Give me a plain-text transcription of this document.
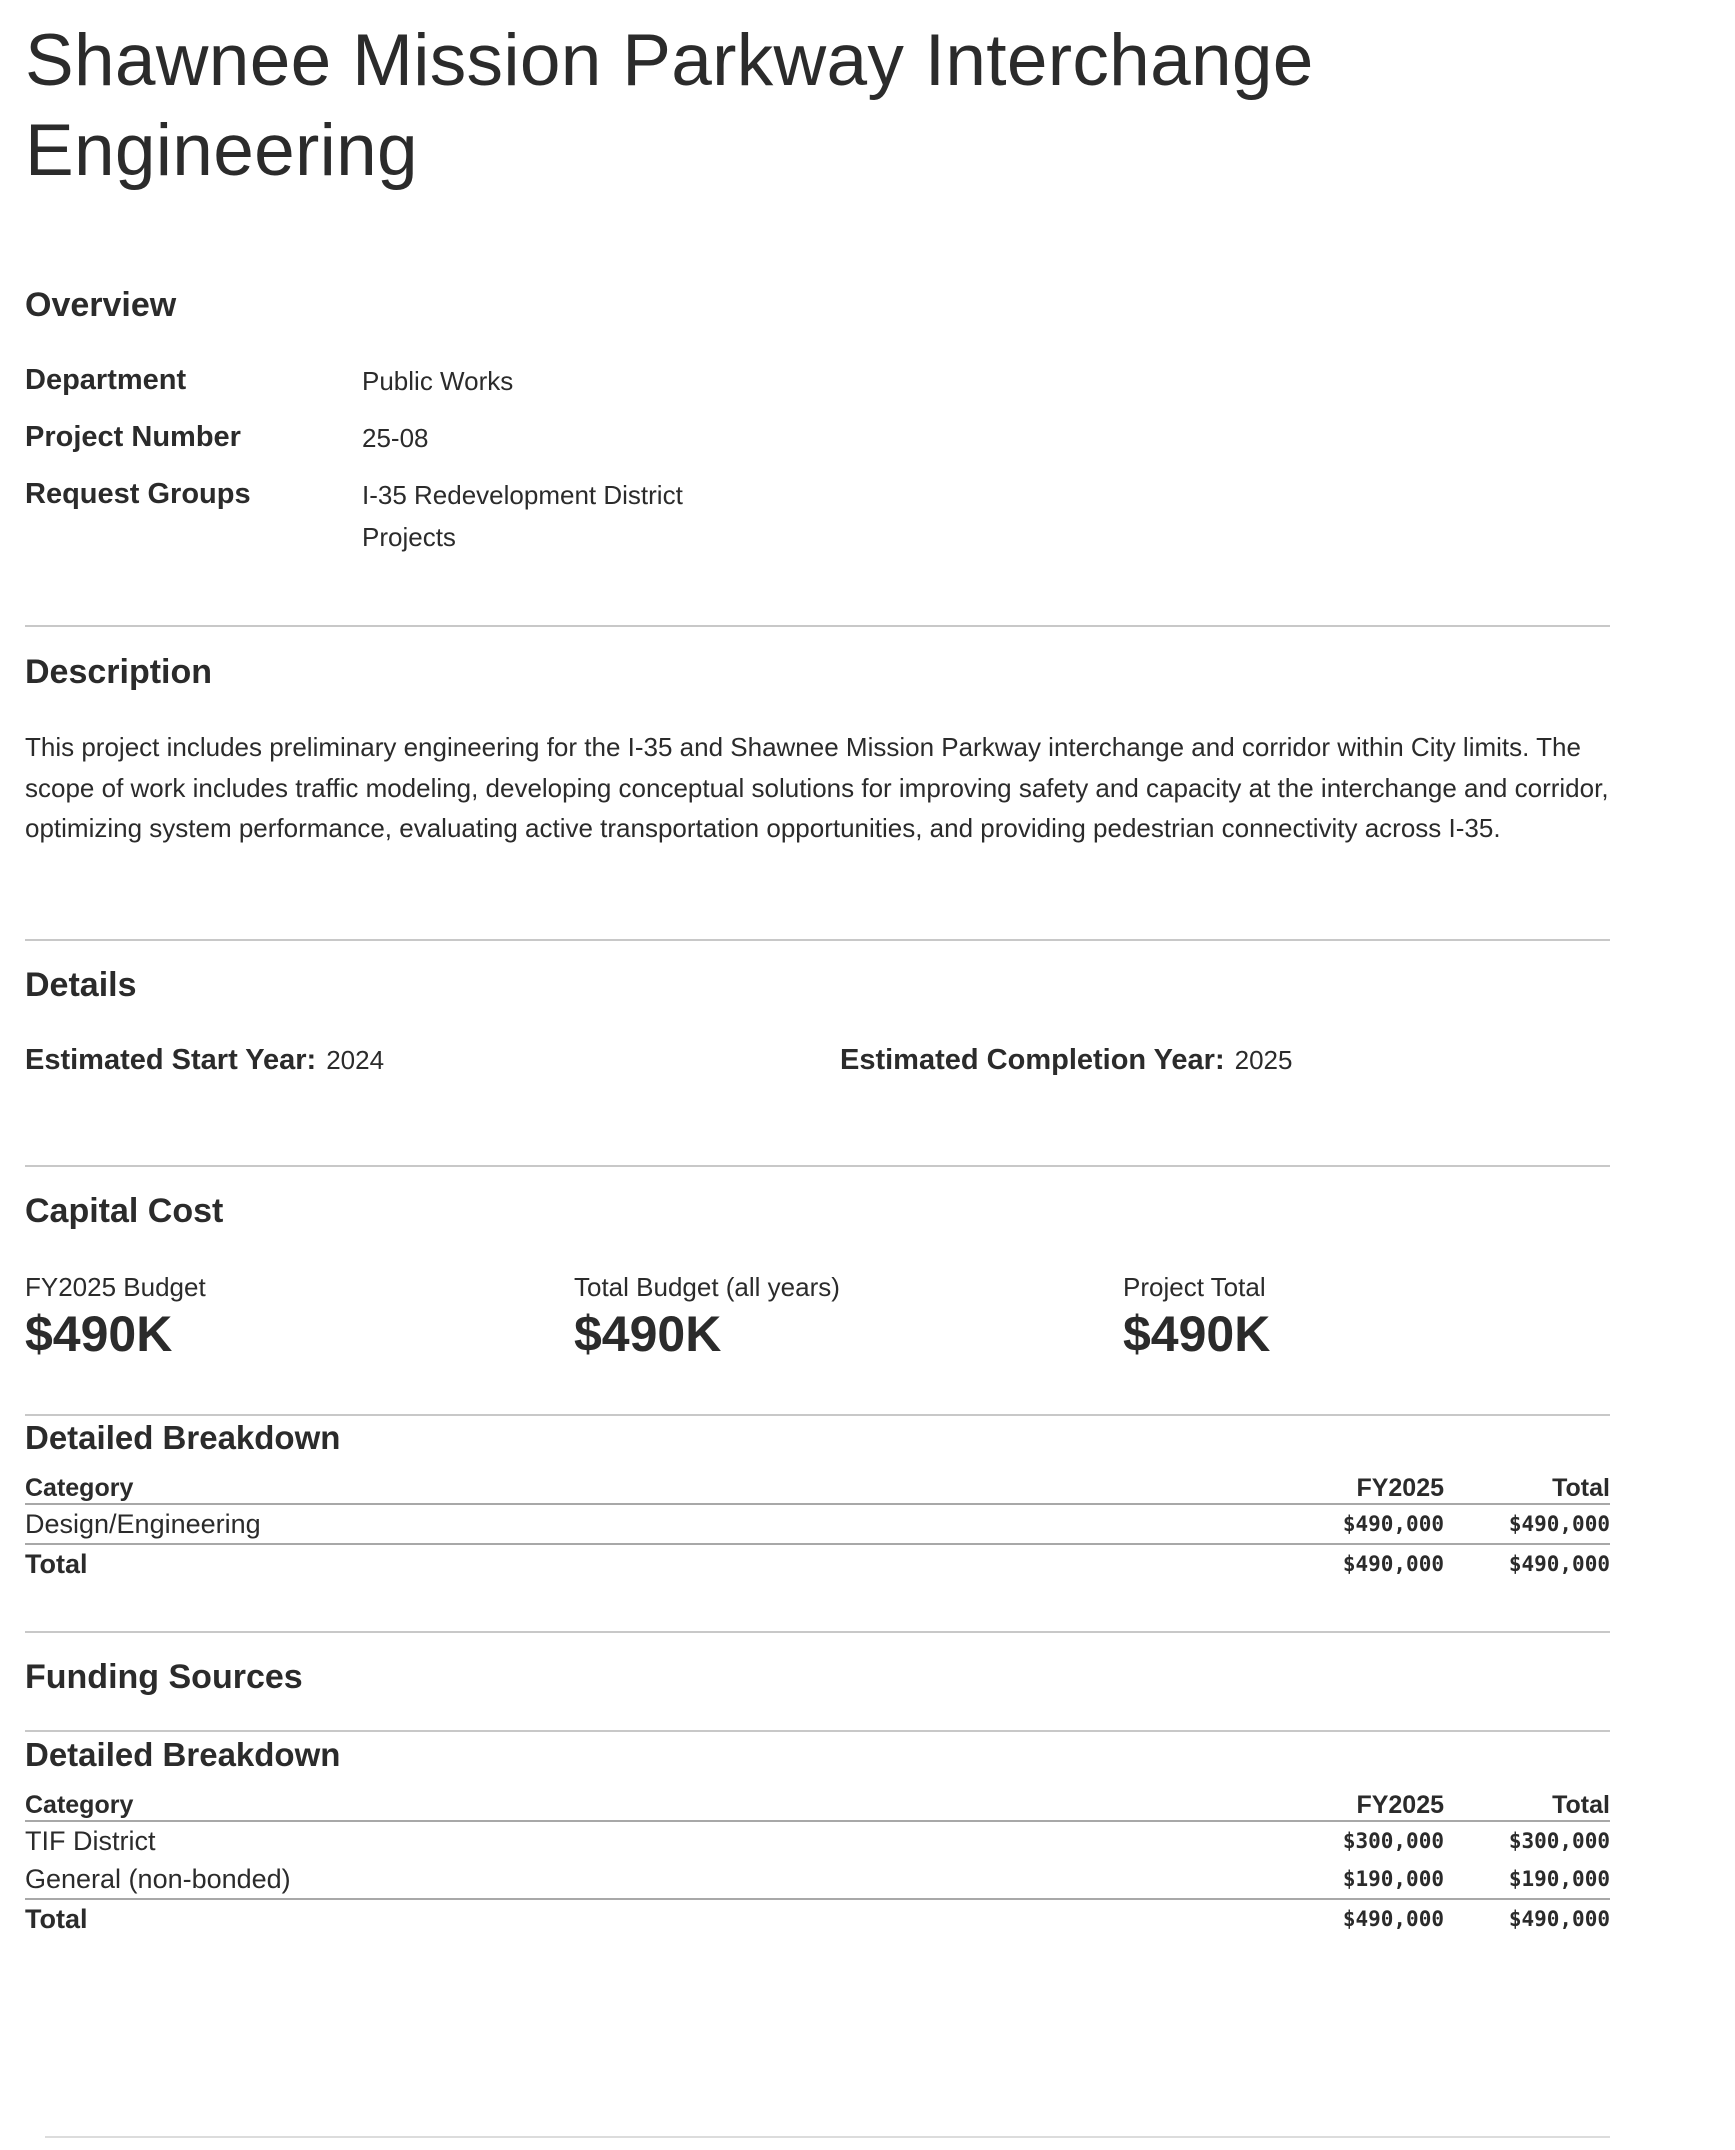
Shawnee Mission Parkway Interchange Engineering
Overview
Department	Public Works
Project Number	25-08
Request Groups	I-35 Redevelopment District
Projects
Description

This project includes preliminary engineering for the I-35 and Shawnee Mission Parkway interchange and corridor within City limits. The scope of work includes traffic modeling, developing conceptual solutions for improving safety and capacity at the interchange and corridor, optimizing system performance, evaluating active transportation opportunities, and providing pedestrian connectivity across I-35.

Details
Estimated Start Year: 2024	Estimated Completion Year: 2025
Capital Cost
FY2025 Budget
$490K
Total Budget (all years)
$490K
Project Total
$490K
Detailed Breakdown
Category	FY2025	Total
Design/Engineering	$490,000	$490,000
Total	$490,000	$490,000
Funding Sources
Detailed Breakdown
Category	FY2025	Total
TIF District	$300,000	$300,000
General (non-bonded)	$190,000	$190,000
Total	$490,000	$490,000
